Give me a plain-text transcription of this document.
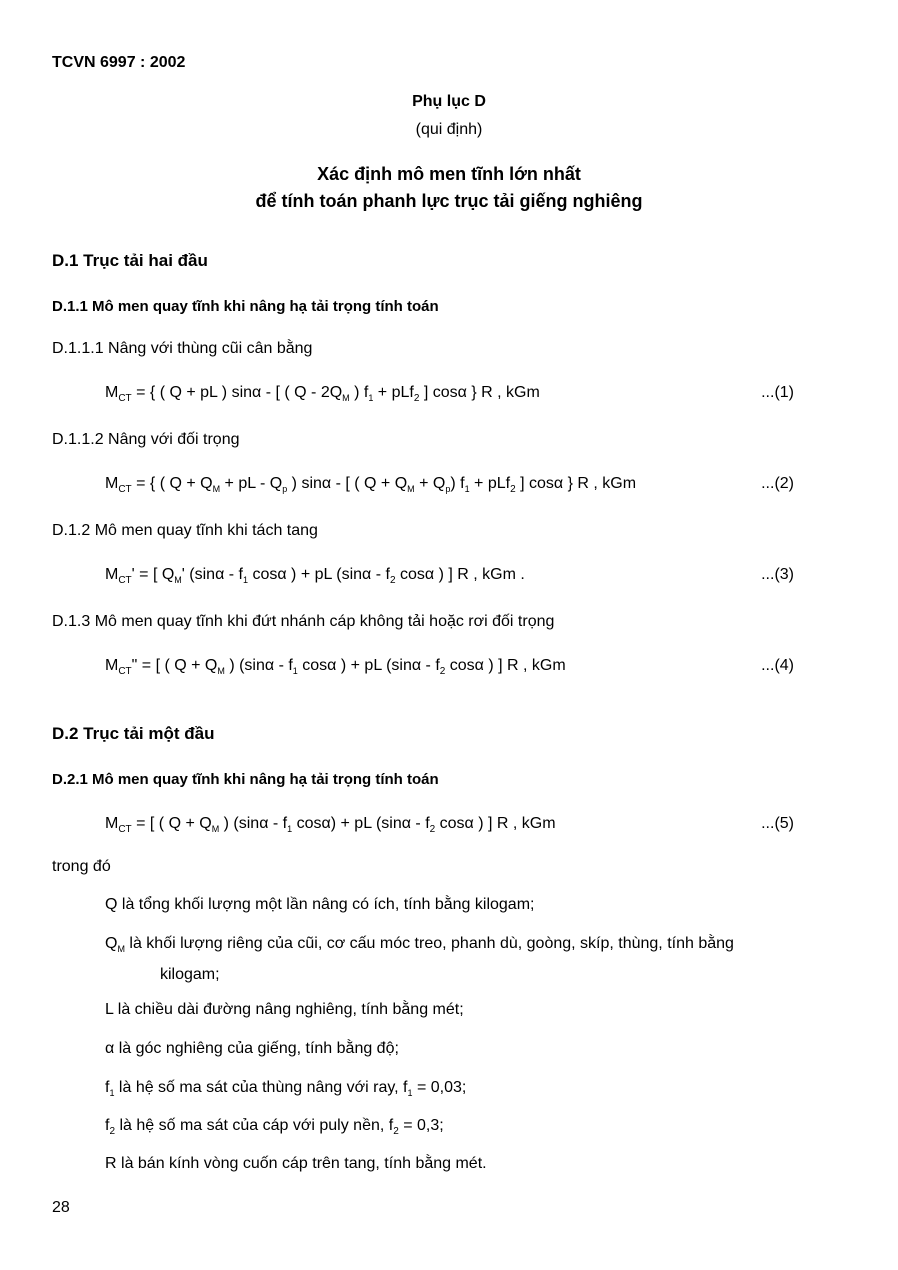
TCVN 6997 : 2002
Phụ lục D
(qui định)
Xác định mô men tĩnh lớn nhất
để tính toán phanh lực trục tải giếng nghiêng
D.1 Trục tải hai đầu
D.1.1 Mô men quay tĩnh khi nâng hạ tải trọng tính toán
D.1.1.1 Nâng với thùng cũi cân bằng
$M_{CT}$ = { ( Q + pL ) sinα - [ ( Q - $2Q_M$ ) $f_1 + pLf_2$ ] cosα } R , kGm	...(1)
D.1.1.2 Nâng với đối trọng
$M_{CT}$ = { ( $Q + Q_M$ + pL - $Q_p$ ) sinα - [ ( $Q + Q_M + Q_p$) $f_1 + pLf_2$ ] cosα } R , kGm	...(2)
D.1.2 Mô men quay tĩnh khi tách tang
$M_{CT}'$ = [ $Q_M'$ ($\sin\alpha - f_1$ cosα ) + pL ($\sin\alpha - f_2$ cosα ) ] R , kGm .	...(3)
D.1.3 Mô men quay tĩnh khi đứt nhánh cáp không tải hoặc rơi đối trọng
$M_{CT}$" = [ ( $Q + Q_M$ ) ($\sin\alpha - f_1$ cosα ) + pL ($\sin\alpha - f_2$ cosα ) ] R , kGm	...(4)
D.2 Trục tải một đầu
D.2.1 Mô men quay tĩnh khi nâng hạ tải trọng tính toán
$M_{CT}$ = [ ( $Q + Q_M$ ) ($\sin\alpha - f_1$ cosα) + pL ($\sin\alpha - f_2$ cosα ) ] R , kGm	...(5)
trong đó
Q là tổng khối lượng một lần nâng có ích, tính bằng kilogam;
$Q_M$ là khối lượng riêng của cũi, cơ cấu móc treo, phanh dù, goòng, skíp, thùng, tính bằng
kilogam;
L là chiều dài đường nâng nghiêng, tính bằng mét;
α là góc nghiêng của giếng, tính bằng độ;
$f_1$ là hệ số ma sát của thùng nâng với ray, $f_1 = 0,03$;
$f_2$ là hệ số ma sát của cáp với puly nền, $f_2 = 0,3$;
R là bán kính vòng cuốn cáp trên tang, tính bằng mét.
28
